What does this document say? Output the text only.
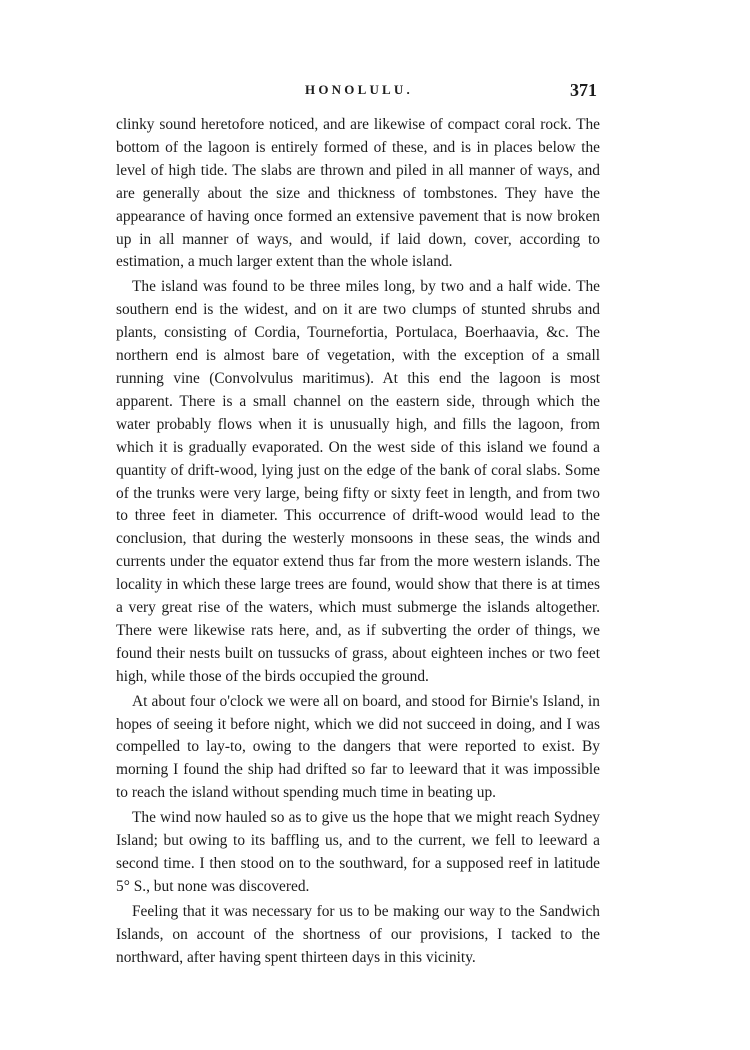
HONOLULU.	371

clinky sound heretofore noticed, and are likewise of compact coral rock. The bottom of the lagoon is entirely formed of these, and is in places below the level of high tide. The slabs are thrown and piled in all manner of ways, and are generally about the size and thickness of tombstones. They have the appearance of having once formed an extensive pavement that is now broken up in all manner of ways, and would, if laid down, cover, according to estimation, a much larger extent than the whole island.

The island was found to be three miles long, by two and a half wide. The southern end is the widest, and on it are two clumps of stunted shrubs and plants, consisting of Cordia, Tournefortia, Portulaca, Boerhaavia, &c. The northern end is almost bare of vegetation, with the exception of a small running vine (Convolvulus maritimus). At this end the lagoon is most apparent. There is a small channel on the eastern side, through which the water probably flows when it is unusually high, and fills the lagoon, from which it is gradually evaporated. On the west side of this island we found a quantity of drift-wood, lying just on the edge of the bank of coral slabs. Some of the trunks were very large, being fifty or sixty feet in length, and from two to three feet in diameter. This occurrence of drift-wood would lead to the conclusion, that during the westerly monsoons in these seas, the winds and currents under the equator extend thus far from the more western islands. The locality in which these large trees are found, would show that there is at times a very great rise of the waters, which must submerge the islands altogether. There were likewise rats here, and, as if subverting the order of things, we found their nests built on tussucks of grass, about eighteen inches or two feet high, while those of the birds occupied the ground.

At about four o'clock we were all on board, and stood for Birnie's Island, in hopes of seeing it before night, which we did not succeed in doing, and I was compelled to lay-to, owing to the dangers that were reported to exist. By morning I found the ship had drifted so far to leeward that it was impossible to reach the island without spending much time in beating up.

The wind now hauled so as to give us the hope that we might reach Sydney Island; but owing to its baffling us, and to the current, we fell to leeward a second time. I then stood on to the southward, for a supposed reef in latitude 5° S., but none was discovered.

Feeling that it was necessary for us to be making our way to the Sandwich Islands, on account of the shortness of our provisions, I tacked to the northward, after having spent thirteen days in this vicinity.
